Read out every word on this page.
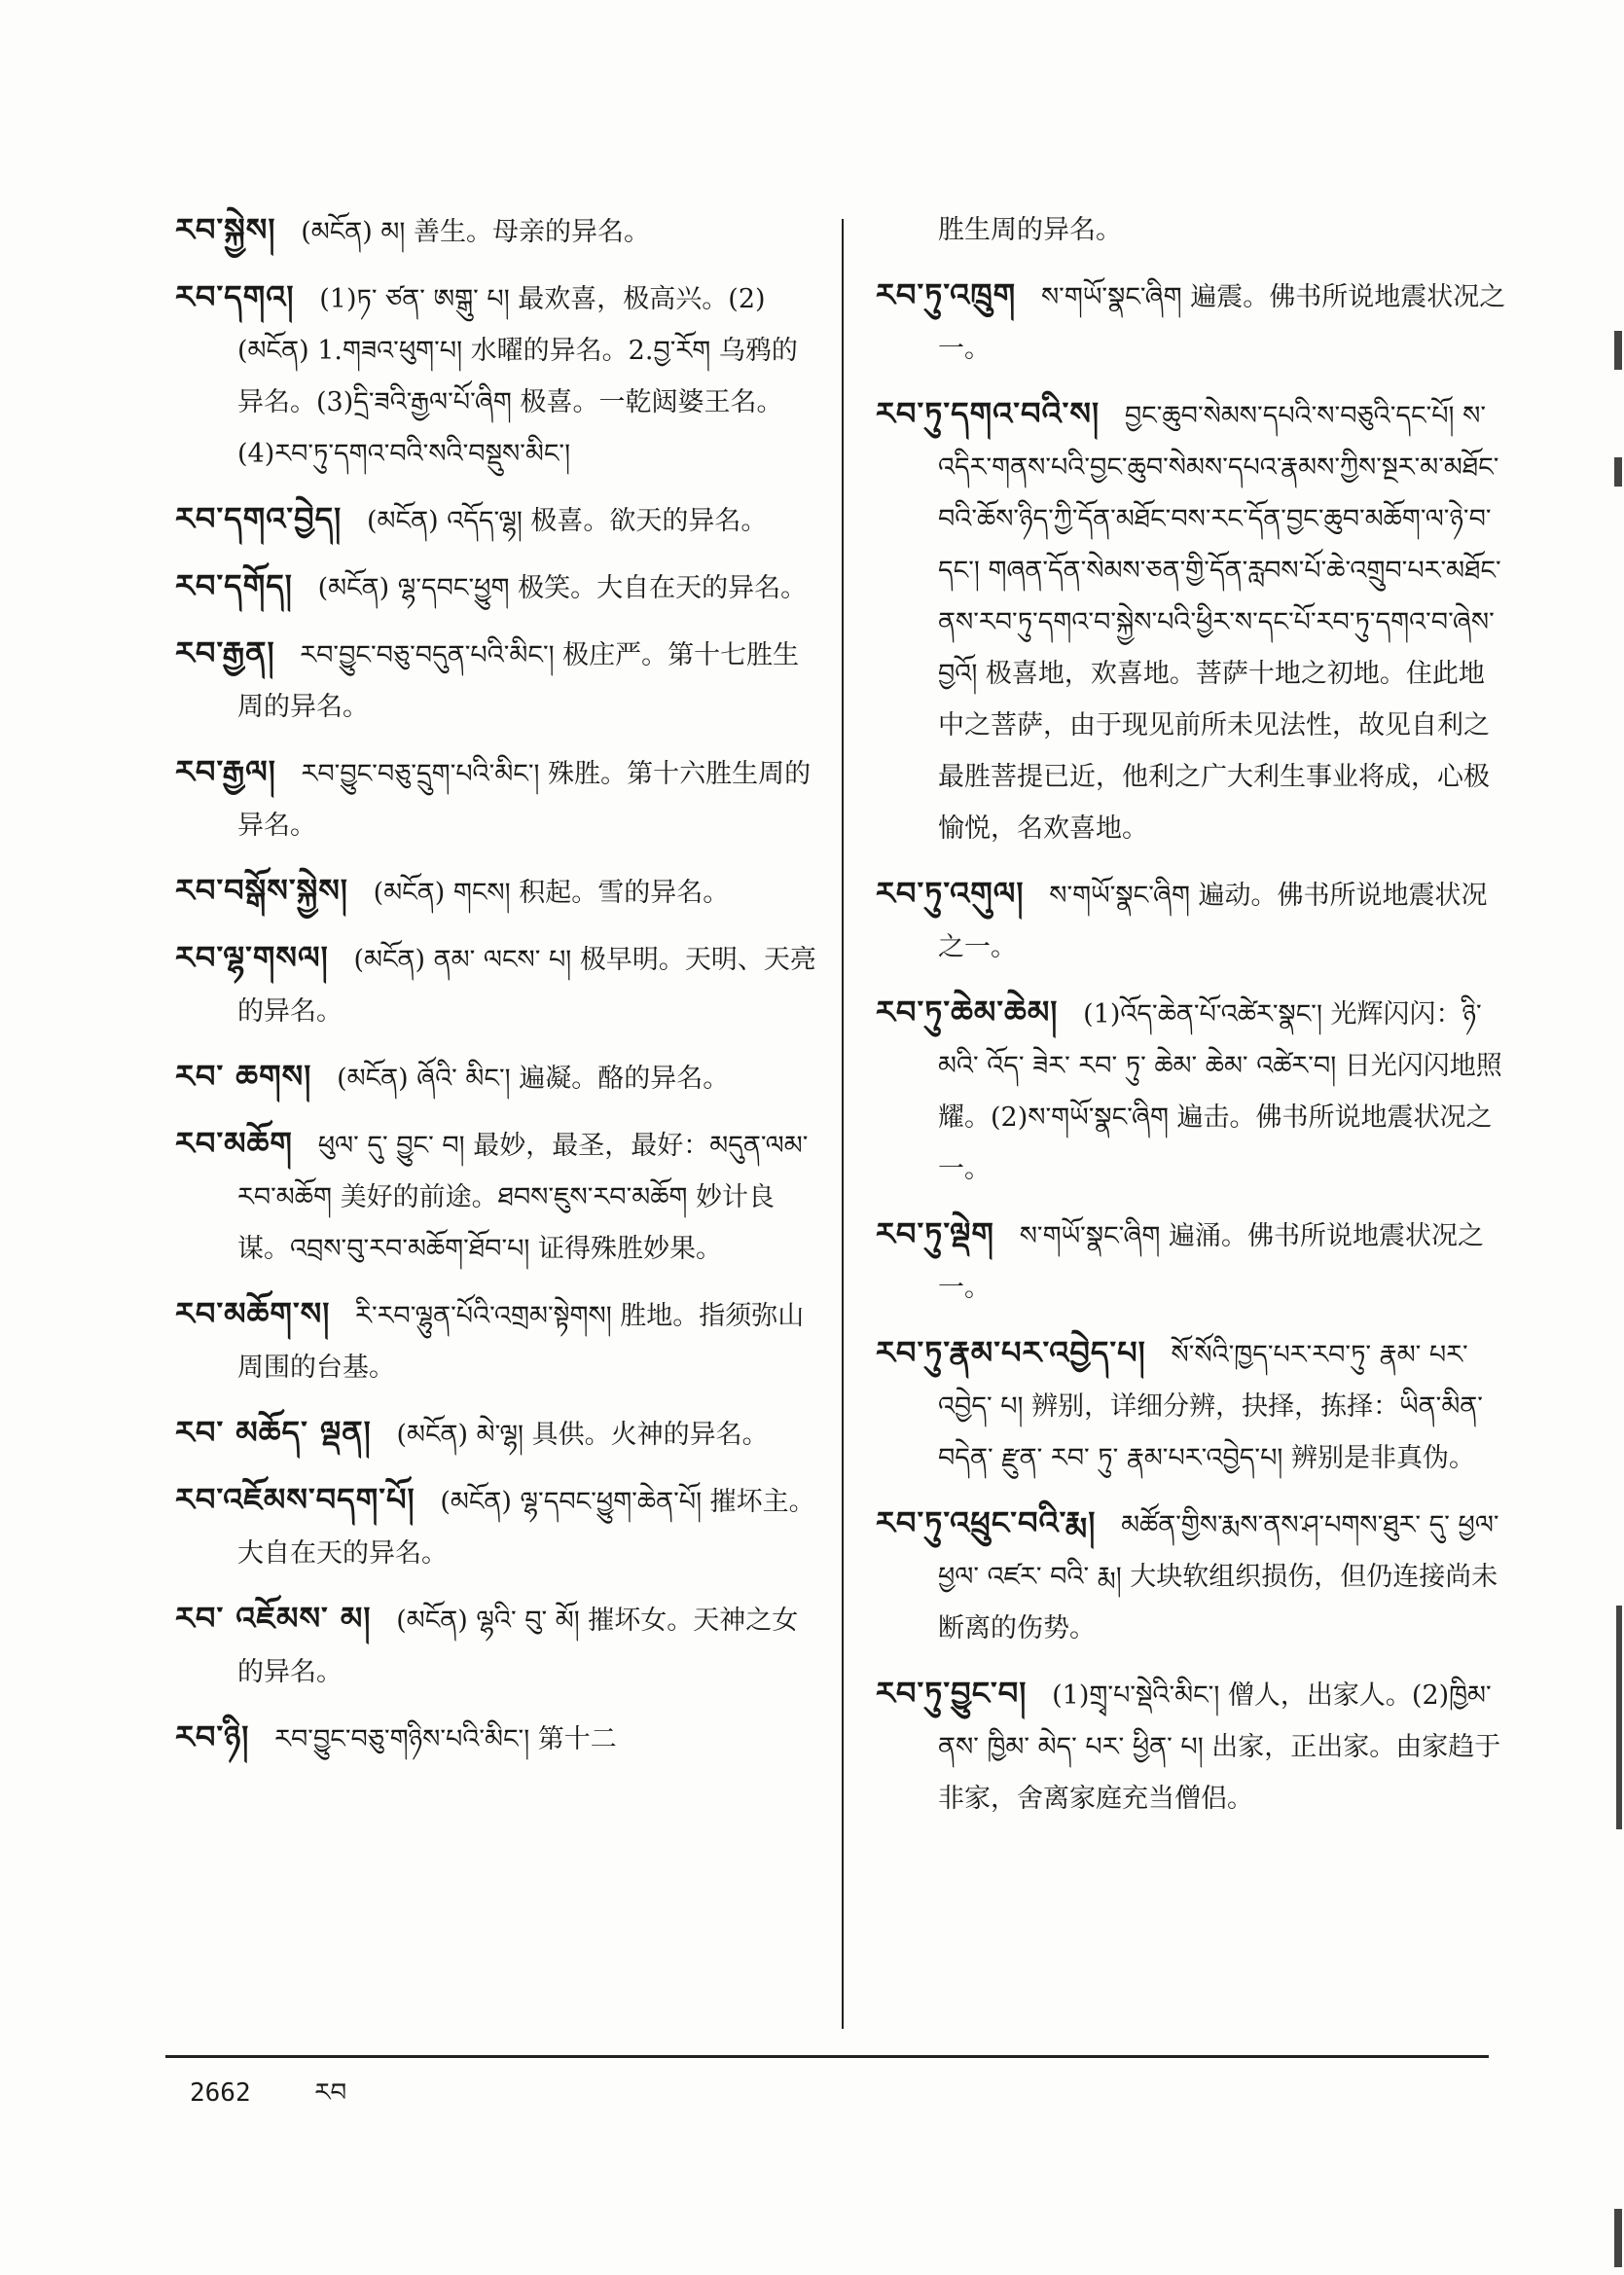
རབ་སྐྱེས། (མངོན) མ། 善生。母亲的异名。
རབ་དགའ། (1)ཏ་ ཙན་ ཨགྒུ་ པ། 最欢喜，极高兴。(2)(མངོན) 1.གཟའ་ཕུག་པ། 水曜的异名。2.བྱ་རོག 乌鸦的异名。(3)དྲི་ཟའི་རྒྱལ་པོ་ཞིག 极喜。一乾闼婆王名。(4)རབ་ཏུ་དགའ་བའི་སའི་བསྡུས་མིང་།
རབ་དགའ་བྱེད། (མངོན) འདོད་ལྷ། 极喜。欲天的异名。
རབ་དགོད། (མངོན) ལྷ་དབང་ཕྱུག 极笑。大自在天的异名。
རབ་རྒྱན། རབ་བྱུང་བཅུ་བདུན་པའི་མིང་། 极庄严。第十七胜生周的异名。
རབ་རྒྱལ། རབ་བྱུང་བཅུ་དྲུག་པའི་མིང་། 殊胜。第十六胜生周的异名。
རབ་བསྒོས་སྐྱེས། (མངོན) གངས། 积起。雪的异名。
རབ་ལྷ་གསལ། (མངོན) ནམ་ ལངས་ པ། 极早明。天明、天亮的异名。
རབ་ ཆགས། (མངོན) ཞོའི་ མིང་། 遍凝。酪的异名。
རབ་མཆོག ཕུལ་ དུ་ བྱུང་ བ། 最妙，最圣，最好：མདུན་ལམ་རབ་མཆོག 美好的前途。ཐབས་ཇུས་རབ་མཆོག 妙计良谋。འབྲས་བུ་རབ་མཆོག་ཐོབ་པ། 证得殊胜妙果。
རབ་མཆོག་ས། རི་རབ་ལྷུན་པོའི་འགྲམ་སྟེགས། 胜地。指须弥山周围的台基。
རབ་ མཆོད་ ལྡན། (མངོན) མེ་ལྷ། 具供。火神的异名。
རབ་འཇོམས་བདག་པོ། (མངོན) ལྷ་དབང་ཕྱུག་ཆེན་པོ། 摧坏主。大自在天的异名。
རབ་ འཇོམས་ མ། (མངོན) ལྷའི་ བུ་ མོ། 摧坏女。天神之女的异名。
རབ་ཉི། རབ་བྱུང་བཅུ་གཉིས་པའི་མིང་། 第十二
胜生周的异名。
རབ་ཏུ་འཁྲུག ས་གཡོ་སྣང་ཞིག 遍震。佛书所说地震状况之一。
རབ་ཏུ་དགའ་བའི་ས། བྱང་ཆུབ་སེམས་དཔའི་ས་བཅུའི་དང་པོ། ས་འདིར་གནས་པའི་བྱང་ཆུབ་སེམས་དཔའ་རྣམས་ཀྱིས་སྔར་མ་མཐོང་བའི་ཆོས་ཉིད་ཀྱི་དོན་མཐོང་བས་རང་དོན་བྱང་ཆུབ་མཆོག་ལ་ཉེ་བ་དང་། གཞན་དོན་སེམས་ཅན་གྱི་དོན་རླབས་པོ་ཆེ་འགྲུབ་པར་མཐོང་ནས་རབ་ཏུ་དགའ་བ་སྐྱེས་པའི་ཕྱིར་ས་དང་པོ་རབ་ཏུ་དགའ་བ་ཞེས་བྱའོ། 极喜地，欢喜地。菩萨十地之初地。住此地中之菩萨，由于现见前所未见法性，故见自利之最胜菩提已近，他利之广大利生事业将成，心极愉悦，名欢喜地。
རབ་ཏུ་འགུལ། ས་གཡོ་སྣང་ཞིག 遍动。佛书所说地震状况之一。
རབ་ཏུ་ཆེམ་ཆེམ། (1)འོད་ཆེན་པོ་འཚེར་སྣང་། 光辉闪闪：ཉི་མའི་ འོད་ ཟེར་ རབ་ ཏུ་ ཆེམ་ ཆེམ་ འཚེར་བ། 日光闪闪地照耀。(2)ས་གཡོ་སྣང་ཞིག 遍击。佛书所说地震状况之一。
རབ་ཏུ་ལྡེག ས་གཡོ་སྣང་ཞིག 遍涌。佛书所说地震状况之一。
རབ་ཏུ་རྣམ་པར་འབྱེད་པ། སོ་སོའི་ཁྱད་པར་རབ་ཏུ་ རྣམ་ པར་ འབྱེད་ པ། 辨别，详细分辨，抉择，拣择：ཡིན་མིན་ བདེན་ རྫུན་ རབ་ ཏུ་ རྣམ་པར་འབྱེད་པ། 辨别是非真伪。
རབ་ཏུ་འཕྲུང་བའི་རྨ། མཚོན་གྱིས་རྨས་ནས་ཤ་པགས་ཐུར་ དུ་ ཕྱལ་ ཕྱལ་ འཛར་ བའི་ རྨ། 大块软组织损伤，但仍连接尚未断离的伤势。
རབ་ཏུ་བྱུང་བ། (1)གྲྭ་པ་སྡེའི་མིང་། 僧人，出家人。(2)ཁྱིམ་ ནས་ ཁྱིམ་ མེད་ པར་ ཕྱིན་ པ། 出家，正出家。由家趋于非家，舍离家庭充当僧侣。
2662	རབ
